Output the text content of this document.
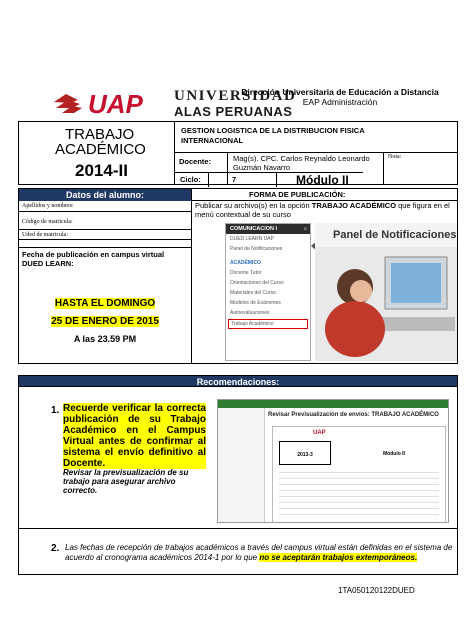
UAP UNIVERSIDAD
ALAS PERUANAS
Dirección Universitaria de Educación a Distancia
EAP Administración
TRABAJO
ACADÉMICO
2014-II
GESTION LOGISTICA DE LA DISTRIBUCION FISICA INTERNACIONAL
Docente:	Mag(s). CPC. Carlos Reynaldo Leonardo Guzmán Navarro
Nota:
Ciclo:	7	Módulo II
Datos del alumno:
Apellidos y nombres:
Código de matricula:
Uded de matricula:
Fecha de publicación en campus virtual DUED LEARN:
HASTA EL DOMINGO
25 DE ENERO DE 2015
A las 23.59 PM
FORMA DE PUBLICACIÓN:
Publicar su archivo(s) en la opción TRABAJO ACADÉMICO que figura en el menú contextual de su curso
COMUNICACION I	⌂
DUED LEARN UAP
Panel de Notificaciones
ACADÉMICO
Docente Tutor
Orientaciones del Curso
Materiales del Curso
Modelos de Exámenes
Autoevaluaciones
Trabajo Académico
Panel de Notificaciones
Recomendaciones:
1. Recuerde verificar la correcta publicación de su Trabajo Académico en el Campus Virtual antes de confirmar al sistema el envío definitivo al Docente.
Revisar la previsualización de su trabajo para asegurar archivo correcto.
Revisar Previsualización de envíos: TRABAJO ACADÉMICO
UAP
2013-3	Módulo II
2. Las fechas de recepción de trabajos académicos a través del campus virtual están definidas en el sistema de acuerdo al cronograma académicos 2014-1 por lo que no se aceptarán trabajos extemporáneos.
1TA050120122DUED
